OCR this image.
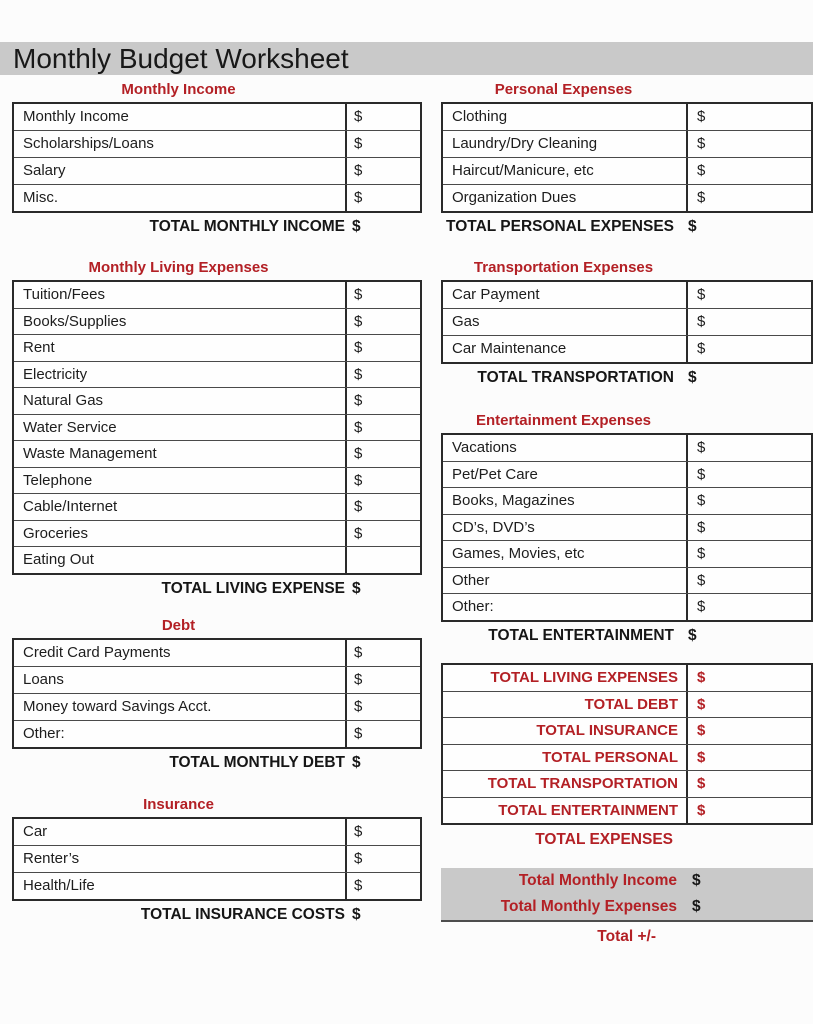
Monthly Budget Worksheet
Monthly Income
Monthly Income	$
Scholarships/Loans	$
Salary	$
Misc.	$
TOTAL MONTHLY INCOME $
Monthly Living Expenses
Tuition/Fees	$
Books/Supplies	$
Rent	$
Electricity	$
Natural Gas	$
Water Service	$
Waste Management	$
Telephone	$
Cable/Internet	$
Groceries	$
Eating Out
TOTAL LIVING EXPENSE $
Debt
Credit Card Payments	$
Loans	$
Money toward Savings Acct.	$
Other:	$
TOTAL MONTHLY DEBT $
Insurance
Car	$
Renter’s	$
Health/Life	$
TOTAL INSURANCE COSTS $
Personal Expenses
Clothing	$
Laundry/Dry Cleaning	$
Haircut/Manicure, etc	$
Organization Dues	$
TOTAL PERSONAL EXPENSES $
Transportation Expenses
Car Payment	$
Gas	$
Car Maintenance	$
TOTAL TRANSPORTATION $
Entertainment Expenses
Vacations	$
Pet/Pet Care	$
Books, Magazines	$
CD’s, DVD’s	$
Games, Movies, etc	$
Other	$
Other:	$
TOTAL ENTERTAINMENT $
TOTAL LIVING EXPENSES	$
TOTAL DEBT	$
TOTAL INSURANCE	$
TOTAL PERSONAL	$
TOTAL TRANSPORTATION	$
TOTAL ENTERTAINMENT	$
TOTAL EXPENSES
Total Monthly Income $
Total Monthly Expenses $
Total +/-
